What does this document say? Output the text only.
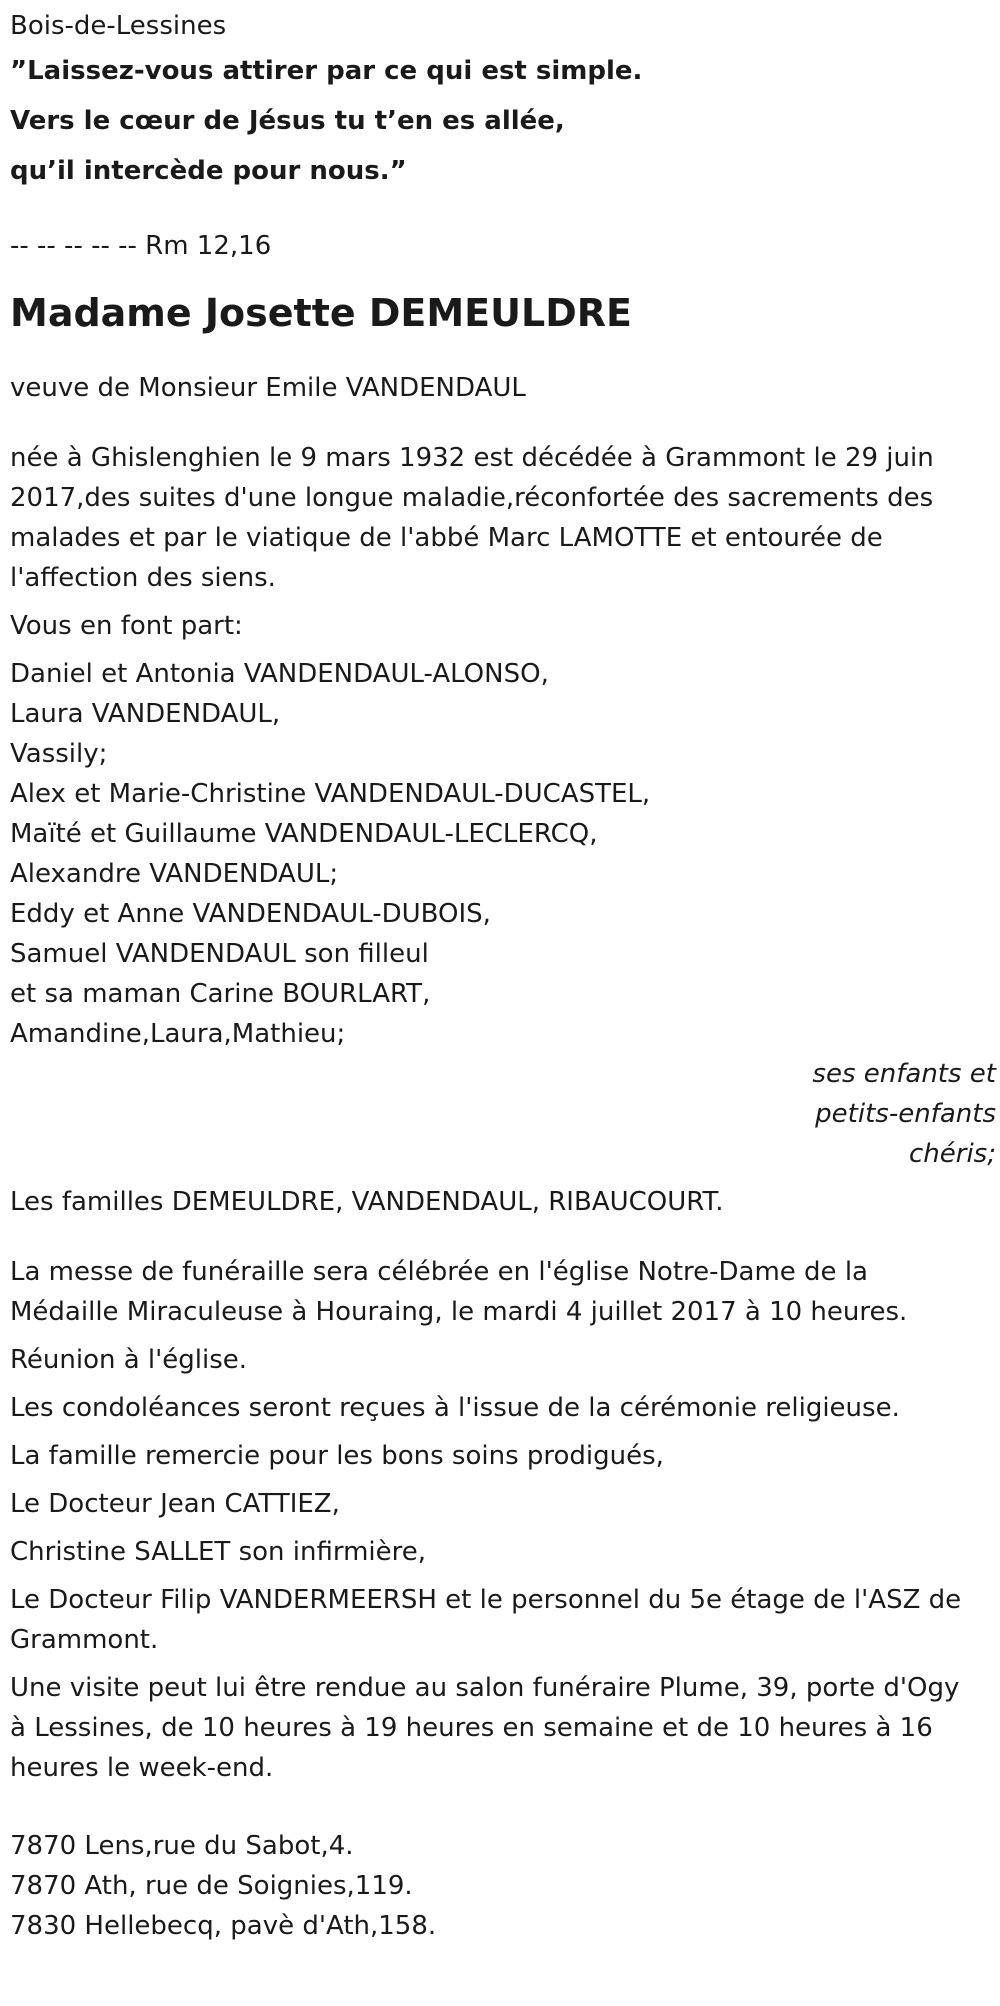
Bois-de-Lessines
”Laissez-vous attirer par ce qui est simple.
Vers le cœur de Jésus tu t’en es allée,
qu’il intercède pour nous.”
-- -- -- -- -- Rm 12,16
Madame Josette DEMEULDRE
veuve de Monsieur Emile VANDENDAUL
née à Ghislenghien le 9 mars 1932 est décédée à Grammont le 29 juin
2017,des suites d'une longue maladie,réconfortée des sacrements des
malades et par le viatique de l'abbé Marc LAMOTTE et entourée de
l'affection des siens.
Vous en font part:
Daniel et Antonia VANDENDAUL-ALONSO,
Laura VANDENDAUL,
Vassily;
Alex et Marie-Christine VANDENDAUL-DUCASTEL,
Maïté et Guillaume VANDENDAUL-LECLERCQ,
Alexandre VANDENDAUL;
Eddy et Anne VANDENDAUL-DUBOIS,
Samuel VANDENDAUL son filleul
et sa maman Carine BOURLART,
Amandine,Laura,Mathieu;
ses enfants et
petits-enfants
chéris;
Les familles DEMEULDRE, VANDENDAUL, RIBAUCOURT.
La messe de funéraille sera célébrée en l'église Notre-Dame de la
Médaille Miraculeuse à Houraing, le mardi 4 juillet 2017 à 10 heures.
Réunion à l'église.
Les condoléances seront reçues à l'issue de la cérémonie religieuse.
La famille remercie pour les bons soins prodigués,
Le Docteur Jean CATTIEZ,
Christine SALLET son infirmière,
Le Docteur Filip VANDERMEERSH et le personnel du 5e étage de l'ASZ de
Grammont.
Une visite peut lui être rendue au salon funéraire Plume, 39, porte d'Ogy
à Lessines, de 10 heures à 19 heures en semaine et de 10 heures à 16
heures le week-end.
7870 Lens,rue du Sabot,4.
7870 Ath, rue de Soignies,119.
7830 Hellebecq, pavè d'Ath,158.
